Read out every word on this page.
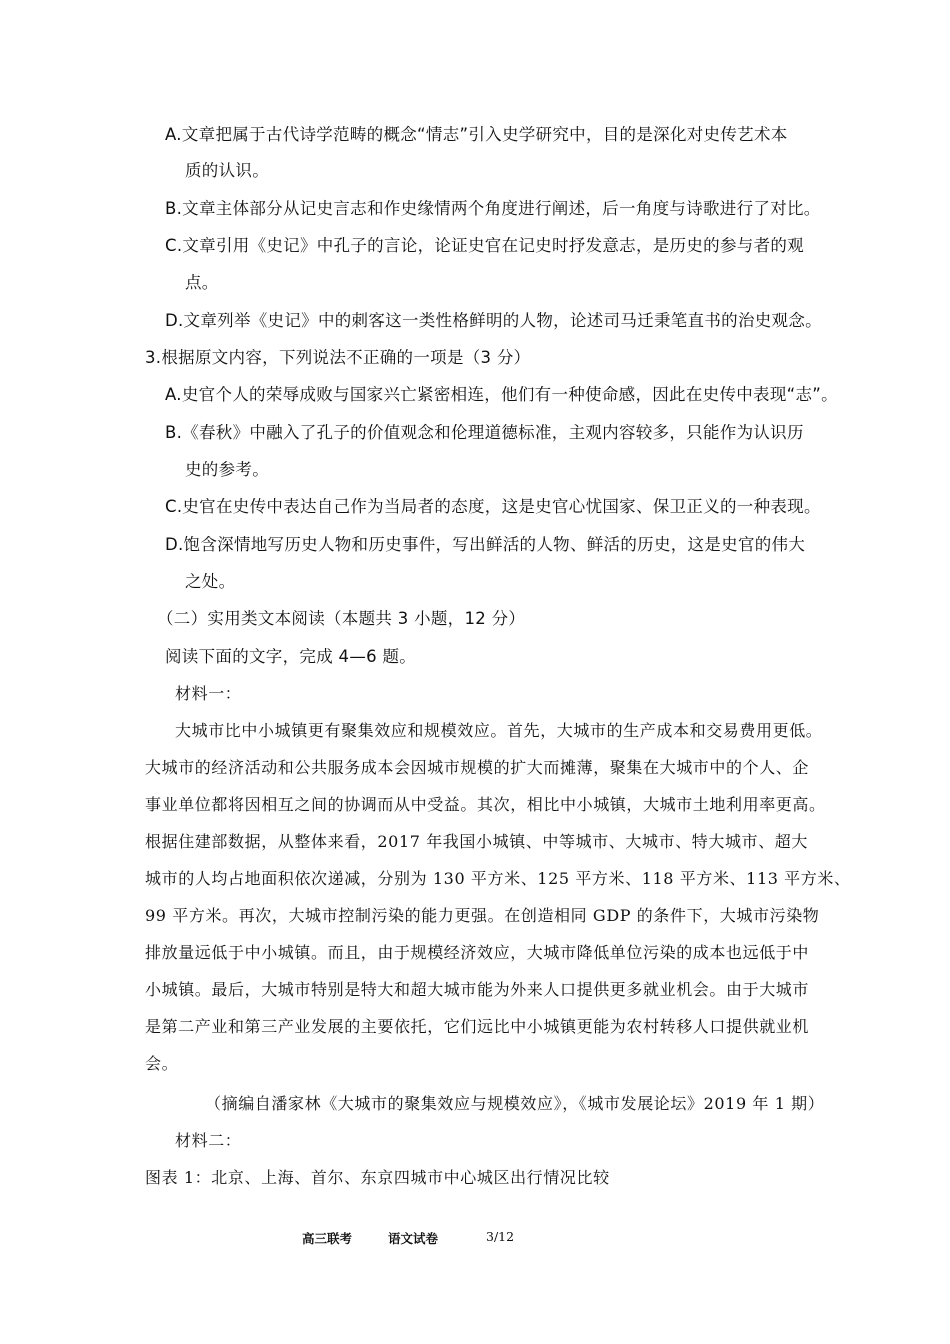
A.文章把属于古代诗学范畴的概念“情志”引入史学研究中，目的是深化对史传艺术本
质的认识。
B.文章主体部分从记史言志和作史缘情两个角度进行阐述，后一角度与诗歌进行了对比。
C.文章引用《史记》中孔子的言论，论证史官在记史时抒发意志，是历史的参与者的观
点。
D.文章列举《史记》中的刺客这一类性格鲜明的人物，论述司马迁秉笔直书的治史观念。
3.根据原文内容，下列说法不正确的一项是（3 分）
A.史官个人的荣辱成败与国家兴亡紧密相连，他们有一种使命感，因此在史传中表现“志”。
B.《春秋》中融入了孔子的价值观念和伦理道德标准，主观内容较多，只能作为认识历
史的参考。
C.史官在史传中表达自己作为当局者的态度，这是史官心忧国家、保卫正义的一种表现。
D.饱含深情地写历史人物和历史事件，写出鲜活的人物、鲜活的历史，这是史官的伟大
之处。
（二）实用类文本阅读（本题共 3 小题，12 分）
阅读下面的文字，完成 4—6 题。
材料一：
大城市比中小城镇更有聚集效应和规模效应。首先，大城市的生产成本和交易费用更低。
大城市的经济活动和公共服务成本会因城市规模的扩大而摊薄，聚集在大城市中的个人、企
事业单位都将因相互之间的协调而从中受益。其次，相比中小城镇，大城市土地利用率更高。
根据住建部数据，从整体来看，2017 年我国小城镇、中等城市、大城市、特大城市、超大
城市的人均占地面积依次递减，分别为 130 平方米、125 平方米、118 平方米、113 平方米、
99 平方米。再次，大城市控制污染的能力更强。在创造相同 GDP 的条件下，大城市污染物
排放量远低于中小城镇。而且，由于规模经济效应，大城市降低单位污染的成本也远低于中
小城镇。最后，大城市特别是特大和超大城市能为外来人口提供更多就业机会。由于大城市
是第二产业和第三产业发展的主要依托，它们远比中小城镇更能为农村转移人口提供就业机
会。
（摘编自潘家林《大城市的聚集效应与规模效应》，《城市发展论坛》2019 年 1 期）
材料二：
图表 1：北京、上海、首尔、东京四城市中心城区出行情况比较
高三联考	语文试卷	3/12
